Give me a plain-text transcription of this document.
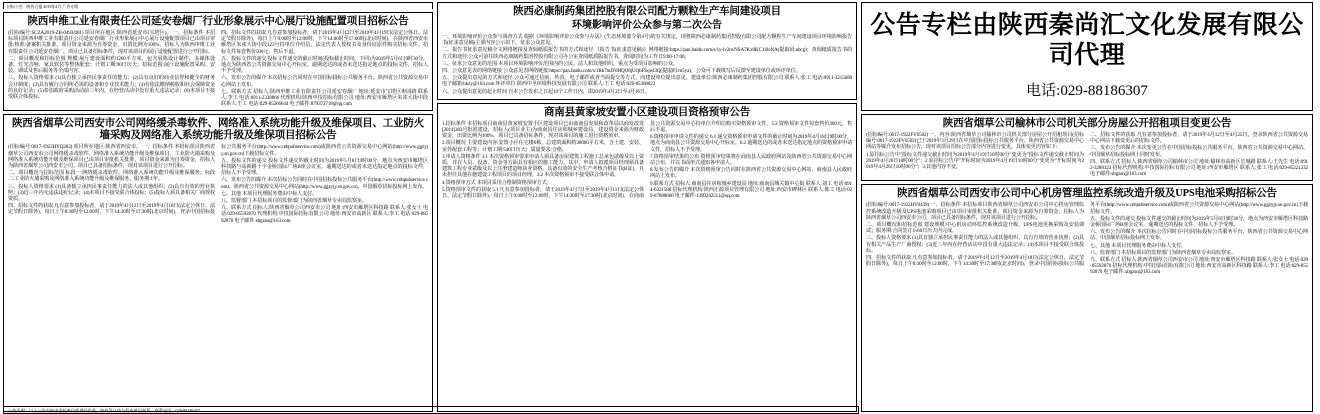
招标公告 · 陕西日报 2019年4月 广告专版
陕西申维工业有限责任公司延安卷烟厂行业形象展示中心展厅设施配置项目招标公告

(招标编号:SCZA2019-ZB-0493/001) 项目所在地区:陕西省延安市(宝塔区)。 一、招标条件 本招标项目陕西申维工业有限责任公司延安卷烟厂行业形象展示中心展厅设施配置项目已由项目审批/核准/备案机关批准，项目资金来源为自筹资金，出资比例为100%，招标人为陕西申维工业有限责任公司延安卷烟厂。项目已具备招标条件，现对该项目的展厅设施配置进行公开招标。

二、项目概况和招标范围 规模:展厅建设面积约1200平方米，包含展陈设计制作、多媒体设备、灯光音响、家具软装等整体配套；计划工期:90日历天；招标范围:展厅设施配置采购、安装、调试及售后服务等全部内容。

三、投标人资格要求 (1)具有独立承担民事责任的能力；(2)具有良好的商业信誉和健全的财务会计制度；(3)具有履行合同所必需的设备和专业技术能力；(4)有依法缴纳税收和社会保障资金的良好记录；(5)参加政府采购活动前三年内，在经营活动中没有重大违法记录；(6)本项目不接受联合体投标。

四、招标文件的获取 凡有意参加投标者，请于2019年4月12日至2019年4月19日(法定公休日、法定节假日除外)，每日上午9:00时至12:00时，下午14:00时至17:00时(北京时间)，在陕西省西安市雁塔区朱雀大街中段123号持单位介绍信、法定代表人授权书及身份证原件购买招标文件。招标文件每套售价500元，售后不退。

五、投标文件的递交 投标文件递交的截止时间(投标截止时间，下同)为2019年5月6日9时30分，地点为陕西省公共资源交易中心开标室。逾期送达的或者未送达指定地点的投标文件，招标人不予受理。

六、发布公告的媒介 本次招标公告同时在中国招标投标公共服务平台、陕西省公共资源交易中心网站上发布。

七、联系方式 招标人:陕西申维工业有限责任公司延安卷烟厂 地址:延安市宝塔区枣园路 联系人:李工 电话:0911-2338866 代理机构:陕西中技招标有限公司 地址:西安市雁塔区朱雀大街中段 联系人:王工 电话:029-85266644 电子邮件:879372718@qq.com

陕西省烟草公司西安市公司网络缓杀毒软件、网络准入系统功能升级及维保项目、工业防火墙采购及网络准入系统功能升级及维保项目招标公告

(招标编号:0617-1922HYQ283) 项目所在地区:陕西省西安市。 一、招标条件 本招标项目陕西省烟草公司西安市公司网络缓杀毒软件、网络准入系统功能升级及维保项目、工业防火墙采购及网络准入系统功能升级及维保项目已由项目审批机关批准，项目资金来源为自筹资金，招标人为陕西省烟草公司西安市公司。项目已具备招标条件，现对该项目进行公开招标。

二、项目概况与招标范围 标段一:网络缓杀毒软件、网络准入系统功能升级及维保服务；标段二:工业防火墙采购及网络准入系统功能升级及维保服务。服务期:1年。

三、投标人资格要求 (1)具备独立承担民事责任能力的法人或其他组织；(2)具有有效的营业执照；(3)近三年内无违法违纪记录；(4)本项目不接受联合体投标；(5)投标人须具备相关厂商授权资质。

四、招标文件的获取 凡有意参加投标者，请于2019年4月12日至2019年4月18日(法定公休日、法定节假日除外)，每日上午8:30时至12:00时，下午14:30时至17:30时(北京时间)，登录中国招标投标公共服务平台(http://www.cebpubservice.com)或陕西省公共资源交易中心网站(http://www.ggzyjy.sn.gov.cn)下载招标文件。

五、投标文件的递交 投标文件递交的截止时间为2019年5月8日9时00分，地点为西安市雁塔区科技路与高新路十字金桥国际广场B座会议室。逾期送达的或者未送达指定地点的投标文件，招标人不予受理。

六、发布公告的媒介 本次招标公告同时在中国招标投标公共服务平台(http://www.cebpubservice.com)、陕西省公共资源交易中心网站(http://www.ggzyjy.sn.gov.cn)、中国烟草招标投标网上发布。

七、其他 本项目代理服务费由中标人支付。

八、监督部门 本招标项目的监督部门为陕西省烟草专卖局监察室。

九、联系方式 招标人:陕西省烟草公司西安市公司 地址:西安市雁塔区科技路 联系人:张女士 电话:029-85592870 代理机构:中技国际招标有限公司 地址:西安市高新区 联系人:李工 电话:029-88592870 电子邮件:sbgzsn@163.com

陕西必康制药集团控股有限公司配方颗粒生产车间建设项目
环境影响评价公众参与第二次公告

一、环境影响评价公众参与调查方式 根据《环境影响评价公众参与办法》(生态环境部令第4号)的有关规定，现将陕西必康制药集团控股有限公司配方颗粒生产车间建设项目环境影响报告书(征求意见稿)主要内容公示如下，征求公众意见。

二、报告书征求意见稿全文网络链接及查阅纸质报告书的方式和途径 《报告书(征求意见稿)》网络链接:https://pan.baidu.com/s/1y-lv2nvNSA7Kx8KC1i0oNA(提取码:abcg)；查阅纸质报告书的方式和途径:公众可前往陕西必康制药集团控股有限公司办公室查阅纸质版报告书，查阅时间为工作日9:00-17:00。

三、征求公众意见的范围 本项目环境影响评价范围内的公民、法人和其他组织，重点为受项目影响的公众。

四、公众意见表的网络链接 公众意见表网络链接:https://pan.baidu.com/s/1Rk7mJF8HQO6jUQbFSqwl3Q(提取码:m5ya)，公众可下载填写后反馈至建设单位或环评单位。

五、公众提出意见的方式和途径 公众可通过信函、传真、电子邮件或者当面提交等方式，向建设单位提出意见。建设单位:陕西必康制药集团控股有限公司 联系人:张工 电话:0911-3215688 电子邮箱:bkzy@163.com 环评单位:陕西中圣环境科技发展有限公司 联系人:王工 电话:029-85368822

六、公众提出意见的起止时间 自本公告发布之日起10个工作日内，即2019年4月2日至4月16日。

商南县黄家坡安置小区建设项目资格预审公告

1.招标条件 本招标项目商南县黄家坡安置小区建设项目已由商南县发展和改革局以商发改发[2014]383号批准建设，招标人(项目业主)为商南县住房和城乡建设局，建设资金来源为财政资金，出资比例为100%，项目已具备招标条件，现对该项目的施工进行资格预审。

2.项目概况 主要建设内容:安置小区住宅楼6栋，总建筑面积约38000平方米，含土建、安装、室外配套工程等；计划工期:540日历天；质量要求:合格。

3.申请人资格条件 3.1 本次资格预审要求申请人须具备房屋建筑工程施工总承包贰级及以上资质，并在人员、设备、资金等方面具有相应的施工能力，其中，申请人拟派项目经理须具备建筑工程专业贰级及以上注册建造师执业资格，具备有效的安全生产考核合格证书(B证)，且未担任其他在施建设工程项目的项目经理。3.2 本次资格预审不接受联合体申请。

4.资格预审方式 本项目采用合格制资格预审方式。

5.资格预审文件的获取 5.1 凡有意参加投标者，请于2019年4月7日至2019年4月11日(法定公休日、法定节假日除外)，每日上午9:00时至12:00时，下午14:30时至17:30时(北京时间)，在商南县公共资源交易中心持单位介绍信购买资格预审文件。5.2 资格预审文件每套售价300元，售后不退。

6.资格预审申请文件的递交 6.1 递交资格预审申请文件的截止时间为2019年4月18日9时00分，地点为商南县公共资源交易中心开标室。6.2 逾期送达的或者未送达指定地点的资格预审申请文件，招标人不予受理。

7.资格预审结果的公布 资格预审结果将在商南县人民政府网站及陕西省公共资源交易中心网站公布，并以书面形式通知各申请人。

8.发布公告的媒介 本次资格预审公告同时在陕西省公共资源交易中心网站、商南县人民政府网站上发布。

9.联系方式 招标人:商南县住房和城乡建设局 地址:商南县城关镇中心街 联系人:刘工 电话:0914-6321588 招标代理机构:陕西正源项目管理有限公司 地址:西安市碑林区 联系人:陈工 电话:029-87888666 电子邮件:1399242511@qq.com

公告专栏由陕西秦尚汇文化发展有限公司代理
电话:029-88186307
陕西省烟草公司榆林市公司机关部分房屋公开招租项目变更公告

(招标编号:0617-1922FV0502) 一、内容:陕西省烟草公司榆林市公司机关部分房屋公开招租项目(招标编号:0617-1922FV0502)已于2019年3月29日在中国招标投标公共服务平台、陕西省公共资源交易中心网站等媒介发布招标公告，现对该项目招标公告部分内容进行变更，具体变更内容如下:

1.原招标公告中"投标文件递交截止时间为2019年4月19日10时00分"变更为"投标文件递交截止时间为2019年4月26日10时00分"；2.原招标公告中"开标时间为2019年4月19日10时00分"变更为"开标时间为2019年4月26日10时00分"；3.其他内容不变。

二、招标文件的获取 凡有意参加投标者，请于2019年4月12日至4月25日，登录陕西省公共资源交易中心网站下载变更后的招标文件。

三、发布公告的媒介 本次变更公告在中国招标投标公共服务平台、陕西省公共资源交易中心网站、中国烟草招标投标网上同时发布。

四、联系方式 招标人:陕西省烟草公司榆林市公司 地址:榆林市高新区长城路 联系人:王先生 电话:0912-3288123 招标代理机构:中技国际招标有限公司 地址:西安市雁塔区 联系人:张工 电话:029-85221332 电子邮件:sbgzsn@163.com

陕西省烟草公司西安市公司中心机房管理监控系统改造升级及UPS电池采购招标公告

(招标编号:0617-1922HY0439) 一、招标条件 本招标项目陕西省烟草公司西安市公司中心机房管理监控系统改造升级及UPS电池采购项目已由项目审批机关批准，项目资金来源为自筹资金，招标人为陕西省烟草公司西安市公司，项目已具备招标条件，现对该项目进行公开招标。

二、项目概况和招标范围 建设规模:中心机房动环监控系统改造升级，UPS电池更换采购及安装调试；服务期:合同签订后60日历天内完成。

三、投标人资格要求 (1)具有独立承担民事责任能力的法人或其他组织，具有有效的营业执照；(2)具有相关产品生产厂商授权；(3)近三年内在经营活动中没有重大违法记录；(4)本项目不接受联合体投标。

四、招标文件的获取 凡有意参加投标者，请于2019年4月12日至2019年4月18日(法定公休日、法定节假日除外)，每日上午8:30时至12:00时，下午14:30时至17:30时(北京时间)，登录中国招标投标公共服务平台(http://www.cebpubservice.com)或陕西省公共资源交易中心网站(http://www.ggzyjy.sn.gov.cn)下载招标文件。

五、投标文件的递交 投标文件递交的截止时间为2019年5月8日9时30分，地点为西安市雁塔区科技路金桥国际广场B座会议室。逾期送达的投标文件，招标人不予受理。

六、发布公告的媒介 本次招标公告同时在中国招标投标公共服务平台、陕西省公共资源交易中心网站、中国烟草招标投标网上发布。

七、其他 本项目代理服务费由中标人支付。

八、监督部门 本招标项目的监督部门为陕西省烟草专卖局监察室。

九、联系方式 招标人:陕西省烟草公司西安市公司 地址:西安市雁塔区科技路 联系人:张女士 电话:029-85592870 招标代理机构:中技国际招标有限公司 地址:西安市高新区科技路 联系人:李工 电话:029-85592870 电子邮件:xbgzsn@163.com

公告声明：以上公告内容由委托单位提供并负责，如有异议请与发布单位联系。联系电话：029-88186307
